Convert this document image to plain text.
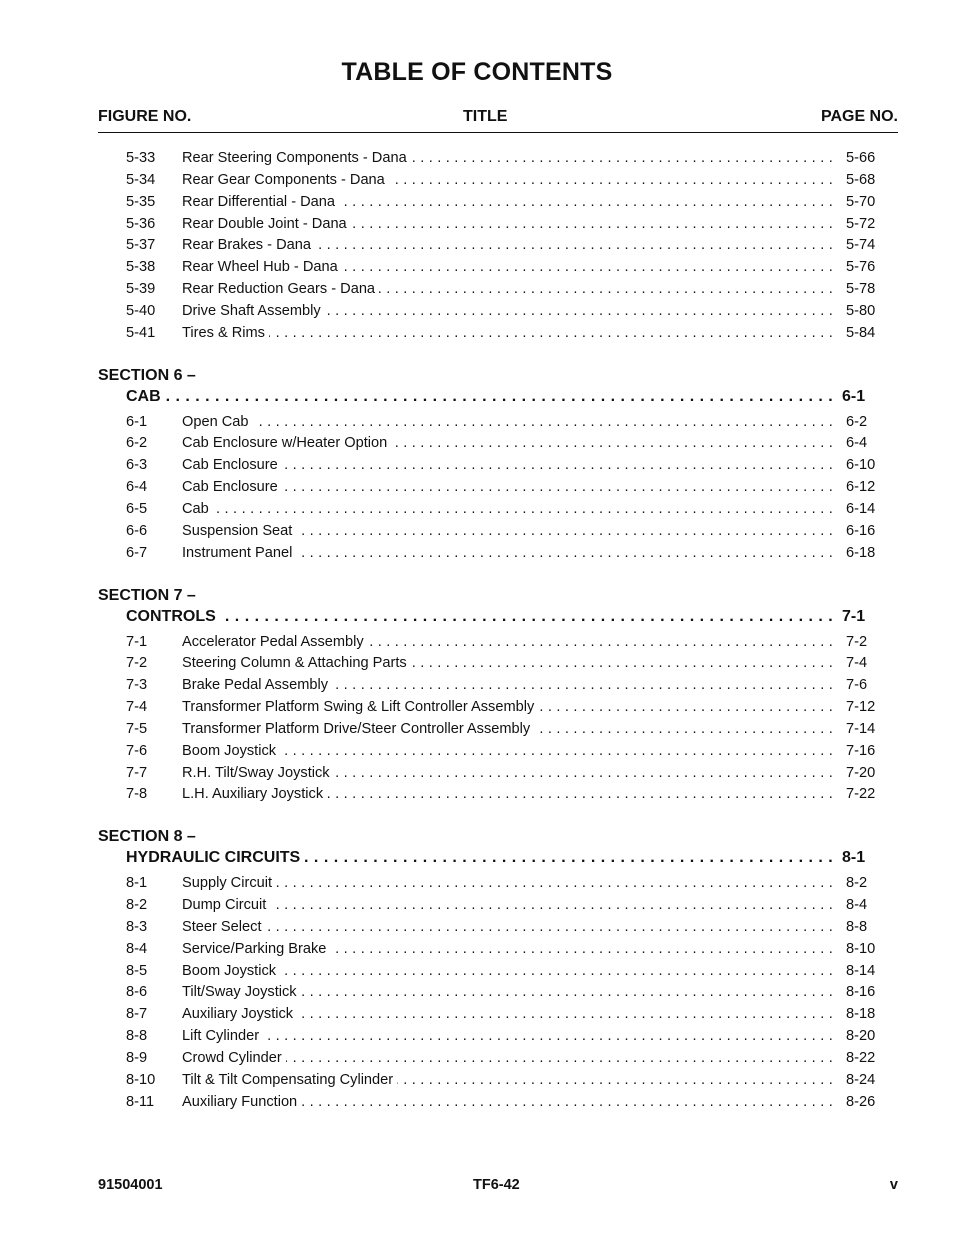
TABLE OF CONTENTS
FIGURE NO.	TITLE	PAGE NO.
5-33 Rear Steering Components - Dana . . .	5-66
5-34 Rear Gear Components - Dana . . .	5-68
5-35 Rear Differential - Dana . . .	5-70
5-36 Rear Double Joint - Dana . . .	5-72
5-37 Rear Brakes - Dana . . .	5-74
5-38 Rear Wheel Hub - Dana . . .	5-76
5-39 Rear Reduction Gears - Dana . . .	5-78
5-40 Drive Shaft Assembly . . .	5-80
5-41 Tires & Rims . . .	5-84
SECTION 6 –
CAB . . .	6-1
6-1 Open Cab . . .	6-2
6-2 Cab Enclosure w/Heater Option . . .	6-4
6-3 Cab Enclosure . . .	6-10
6-4 Cab Enclosure . . .	6-12
6-5 Cab . . .	6-14
6-6 Suspension Seat . . .	6-16
6-7 Instrument Panel . . .	6-18
SECTION 7 –
CONTROLS . . .	7-1
7-1 Accelerator Pedal Assembly . . .	7-2
7-2 Steering Column & Attaching Parts . . .	7-4
7-3 Brake Pedal Assembly . . .	7-6
7-4 Transformer Platform Swing & Lift Controller Assembly . . .	7-12
7-5 Transformer Platform Drive/Steer Controller Assembly . . .	7-14
7-6 Boom Joystick . . .	7-16
7-7 R.H. Tilt/Sway Joystick . . .	7-20
7-8 L.H. Auxiliary Joystick . . .	7-22
SECTION 8 –
HYDRAULIC CIRCUITS . . .	8-1
8-1 Supply Circuit . . .	8-2
8-2 Dump Circuit . . .	8-4
8-3 Steer Select . . .	8-8
8-4 Service/Parking Brake . . .	8-10
8-5 Boom Joystick . . .	8-14
8-6 Tilt/Sway Joystick . . .	8-16
8-7 Auxiliary Joystick . . .	8-18
8-8 Lift Cylinder . . .	8-20
8-9 Crowd Cylinder . . .	8-22
8-10 Tilt & Tilt Compensating Cylinder . . .	8-24
8-11 Auxiliary Function . . .	8-26
91504001	TF6-42	v
